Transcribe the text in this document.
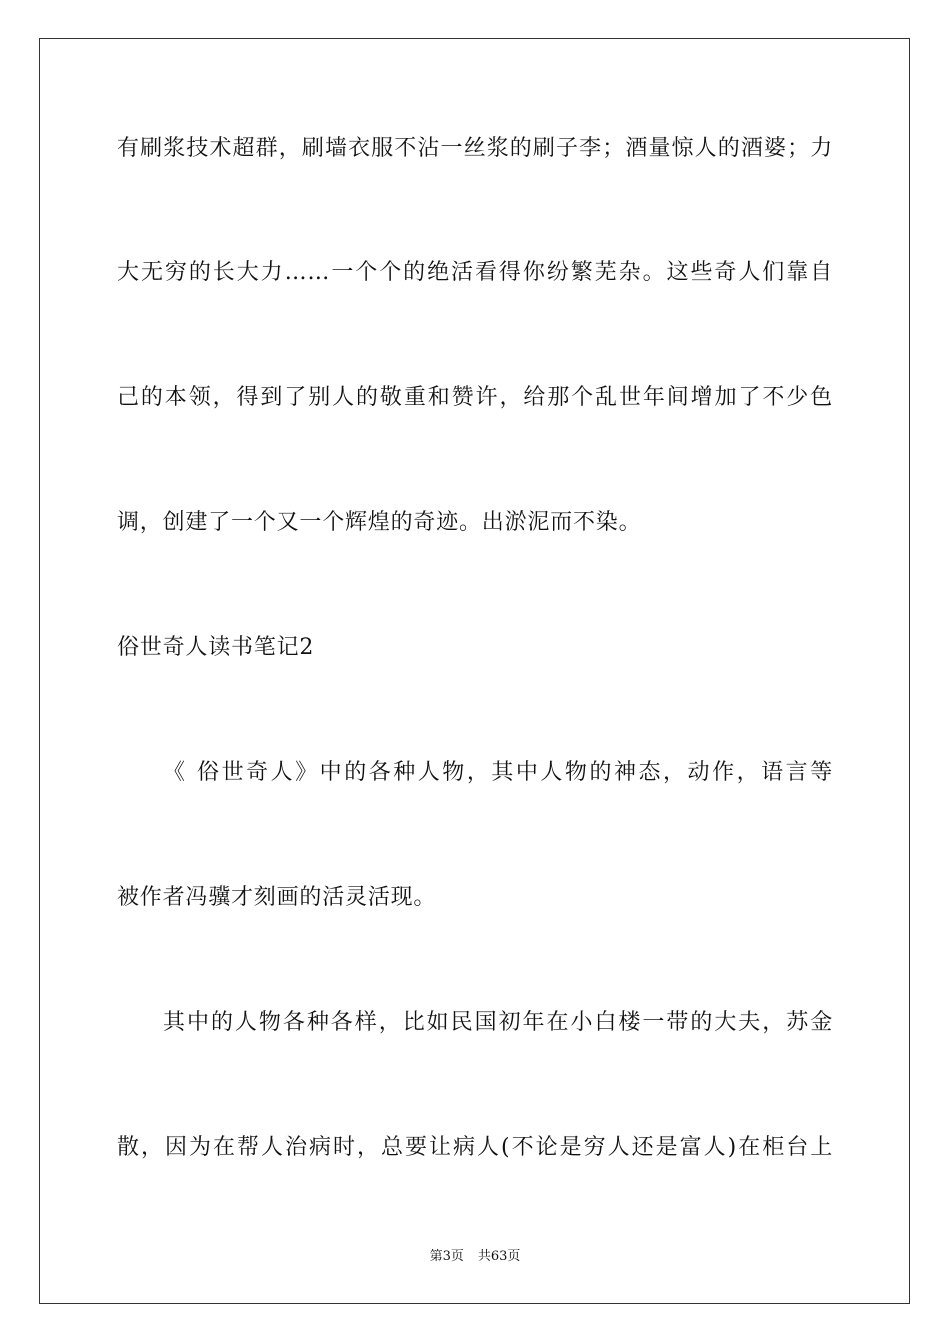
有刷浆技术超群，刷墙衣服不沾一丝浆的刷子李；酒量惊人的酒婆；力
大无穷的长大力……一个个的绝活看得你纷繁芜杂。这些奇人们靠自
己的本领，得到了别人的敬重和赞许，给那个乱世年间增加了不少色
调，创建了一个又一个辉煌的奇迹。出淤泥而不染。
俗世奇人读书笔记2
《 俗世奇人》中的各种人物，其中人物的神态，动作，语言等
被作者冯骥才刻画的活灵活现。
其中的人物各种各样，比如民国初年在小白楼一带的大夫，苏金
散，因为在帮人治病时，总要让病人(不论是穷人还是富人)在柜台上
第3页 共63页
